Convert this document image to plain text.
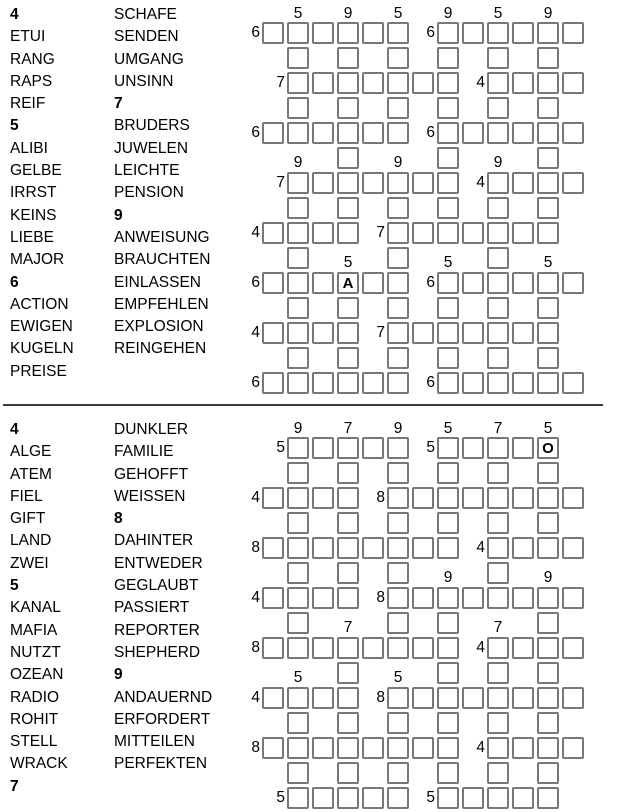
4
ETUI
RANG
RAPS
REIF
5
ALIBI
GELBE
IRRST
KEINS
LIEBE
MAJOR
6
ACTION
EWIGEN
KUGELN
PREISE
SCHAFE
SENDEN
UMGANG
UNSINN
7
BRUDERS
JUWELEN
LEICHTE
PENSION
9
ANWEISUNG
BRAUCHTEN
EINLASSEN
EMPFEHLEN
EXPLOSION
REINGEHEN
5	9	5	9	5	9
6	6
7	4
6	6
9	9	9
7	4
4	7
5	5	5
6	A	6
4	7
6	6
4
ALGE
ATEM
FIEL
GIFT
LAND
ZWEI
5
KANAL
MAFIA
NUTZT
OZEAN
RADIO
ROHIT
STELL
WRACK
7
DUNKLER
FAMILIE
GEHOFFT
WEISSEN
8
DAHINTER
ENTWEDER
GEGLAUBT
PASSIERT
REPORTER
SHEPHERD
9
ANDAUERND
ERFORDERT
MITTEILEN
PERFEKTEN
9	7	9	5	7	5
5	5	O
4	8
8	4
9	9
4	8
7	7
8	4
5	5
4	8
8	4
5	5
